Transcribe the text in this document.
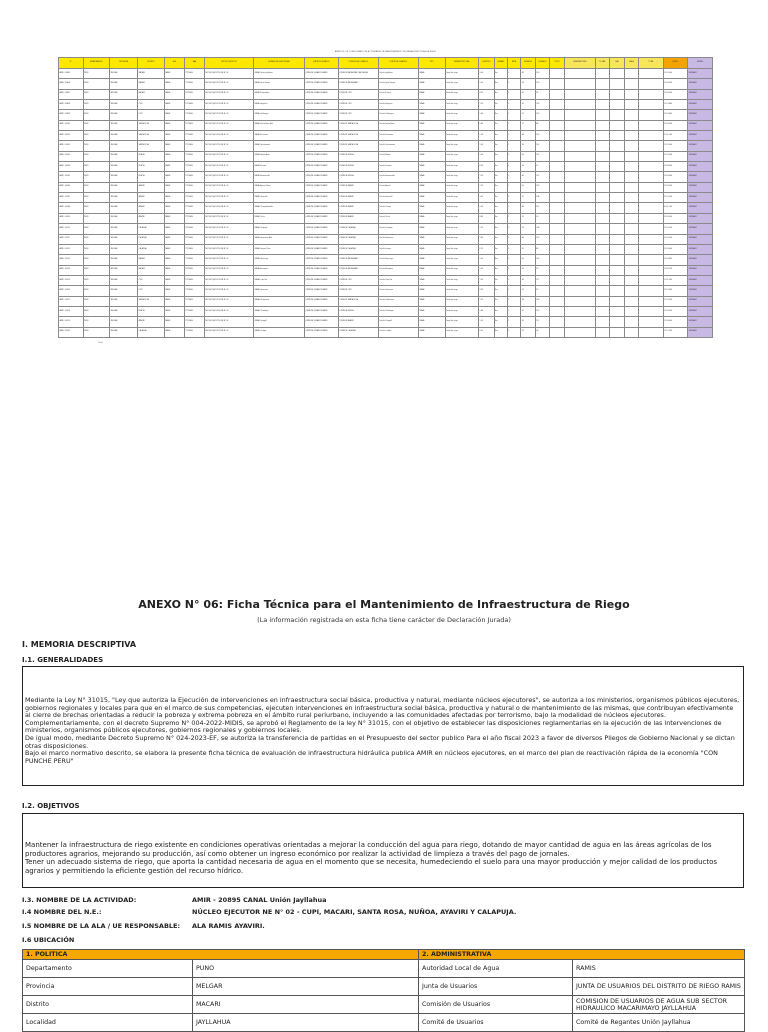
ANEXO N° 06 CONSOLIDADO DE ACTIVIDADES DE MANTENIMIENTO DE INFRAESTRUCTURA DE RIEGO
N°	DEPARTAMENTO	PROVINCIA	DISTRITO	ALA	AAA	NÚCLEO EJECUTOR	NOMBRE DE LA ACTIVIDAD	JUNTA DE USUARIOS	COMISIÓN DE USUARIOS	COMITÉ DE USUARIOS	TIPO	INFRAESTRUCTURA	LONGITUD	UNIDAD	META	USUARIOS	JORNALES	COSTO	OBSERVACIONES	N° FAM.	HAS	ÁREA	TOTAL	MONTO	ESTADO
AMIR - 20895	PUNO	MELGAR	MACARI	RAMIS	TITICACA	NÚCLEO EJECUTOR NE N° 02	CANAL Unión Jayllahua	JUNTA DE USUARIOS RAMIS	COMISION MACARIMAYO JAYLLAHUA	Comité Jayllahua	CANAL	Canal de riego	1.40	Km	1	45	120							S/ 32,000	REVISADO
AMIR - 20896	PUNO	MELGAR	MACARI	RAMIS	TITICACA	NÚCLEO EJECUTOR NE N° 02	CANAL Jatun Sayna	JUNTA DE USUARIOS RAMIS	COMISION MACARIMAYO	Comité Jatun Sayna	CANAL	Canal de riego	1.20	Km	1	38	110							S/ 30,000	REVISADO
AMIR - 20897	PUNO	MELGAR	MACARI	RAMIS	TITICACA	NÚCLEO EJECUTOR NE N° 02	CANAL Pucara Alto	JUNTA DE USUARIOS RAMIS	COMISION CUPI	Comité Pucara	CANAL	Canal de riego	0.90	Km	1	30	95							S/ 28,500	REVISADO
AMIR - 20898	PUNO	MELGAR	CUPI	RAMIS	TITICACA	NÚCLEO EJECUTOR NE N° 02	CANAL Huaycho	JUNTA DE USUARIOS RAMIS	COMISION CUPI	Comité Huaycho	CANAL	Canal de riego	1.10	Km	1	41	100							S/ 29,800	REVISADO
AMIR - 20899	PUNO	MELGAR	CUPI	RAMIS	TITICACA	NÚCLEO EJECUTOR NE N° 02	CANAL Llallimayo	JUNTA DE USUARIOS RAMIS	COMISION CUPI	Comité Llallimayo	CANAL	Canal de riego	1.60	Km	1	52	130							S/ 33,400	REVISADO
AMIR - 20900	PUNO	MELGAR	SANTA ROSA	RAMIS	TITICACA	NÚCLEO EJECUTOR NE N° 02	CANAL Santa Rosa Alto	JUNTA DE USUARIOS RAMIS	COMISION SANTA ROSA	Comité Santa Rosa	CANAL	Canal de riego	0.80	Km	1	27	88							S/ 26,000	REVISADO
AMIR - 20901	PUNO	MELGAR	SANTA ROSA	RAMIS	TITICACA	NÚCLEO EJECUTOR NE N° 02	CANAL Kunurana	JUNTA DE USUARIOS RAMIS	COMISION SANTA ROSA	Comité Kunurana	CANAL	Canal de riego	1.30	Km	1	44	118							S/ 31,200	REVISADO
AMIR - 20902	PUNO	MELGAR	SANTA ROSA	RAMIS	TITICACA	NÚCLEO EJECUTOR NE N° 02	CANAL Quishuarani	JUNTA DE USUARIOS RAMIS	COMISION SANTA ROSA	Comité Quishuarani	CANAL	Canal de riego	1.00	Km	1	36	102							S/ 29,000	REVISADO
AMIR - 20903	PUNO	MELGAR	NUÑOA	RAMIS	TITICACA	NÚCLEO EJECUTOR NE N° 02	CANAL Nuñoa Bajo	JUNTA DE USUARIOS RAMIS	COMISION NUÑOA	Comité Nuñoa	CANAL	Canal de riego	1.50	Km	1	49	125							S/ 32,900	REVISADO
AMIR - 20904	PUNO	MELGAR	NUÑOA	RAMIS	TITICACA	NÚCLEO EJECUTOR NE N° 02	CANAL Sincata	JUNTA DE USUARIOS RAMIS	COMISION NUÑOA	Comité Sincata	CANAL	Canal de riego	0.95	Km	1	33	97							S/ 28,000	REVISADO
AMIR - 20905	PUNO	MELGAR	NUÑOA	RAMIS	TITICACA	NÚCLEO EJECUTOR NE N° 02	CANAL Pasanacollo	JUNTA DE USUARIOS RAMIS	COMISION NUÑOA	Comité Pasanacollo	CANAL	Canal de riego	1.25	Km	1	40	112							S/ 30,600	REVISADO
AMIR - 20906	PUNO	MELGAR	AYAVIRI	RAMIS	TITICACA	NÚCLEO EJECUTOR NE N° 02	CANAL Ayaviri Norte	JUNTA DE USUARIOS RAMIS	COMISION AYAVIRI	Comité Ayaviri	CANAL	Canal de riego	1.70	Km	1	55	135							S/ 34,100	REVISADO
AMIR - 20907	PUNO	MELGAR	AYAVIRI	RAMIS	TITICACA	NÚCLEO EJECUTOR NE N° 02	CANAL Umachiri	JUNTA DE USUARIOS RAMIS	COMISION AYAVIRI	Comité Umachiri	CANAL	Canal de riego	1.05	Km	1	37	104							S/ 29,300	REVISADO
AMIR - 20908	PUNO	MELGAR	AYAVIRI	RAMIS	TITICACA	NÚCLEO EJECUTOR NE N° 02	CANAL Chuquibambilla	JUNTA DE USUARIOS RAMIS	COMISION AYAVIRI	Comité Chuqui	CANAL	Canal de riego	1.35	Km	1	46	121							S/ 31,700	REVISADO
AMIR - 20909	PUNO	MELGAR	AYAVIRI	RAMIS	TITICACA	NÚCLEO EJECUTOR NE N° 02	CANAL Tintiri	JUNTA DE USUARIOS RAMIS	COMISION AYAVIRI	Comité Tintiri	CANAL	Canal de riego	0.85	Km	1	29	90							S/ 26,900	REVISADO
AMIR - 20910	PUNO	MELGAR	CALAPUJA	RAMIS	TITICACA	NÚCLEO EJECUTOR NE N° 02	CANAL Calapuja	JUNTA DE USUARIOS RAMIS	COMISION CALAPUJA	Comité Calapuja	CANAL	Canal de riego	1.15	Km	1	39	108							S/ 30,100	REVISADO
AMIR - 20911	PUNO	MELGAR	CALAPUJA	RAMIS	TITICACA	NÚCLEO EJECUTOR NE N° 02	CANAL Huancane Alto	JUNTA DE USUARIOS RAMIS	COMISION CALAPUJA	Comité Huancane	CANAL	Canal de riego	1.45	Km	1	48	123							S/ 32,300	REVISADO
AMIR - 20912	PUNO	MELGAR	CALAPUJA	RAMIS	TITICACA	NÚCLEO EJECUTOR NE N° 02	CANAL Lampa Chico	JUNTA DE USUARIOS RAMIS	COMISION CALAPUJA	Comité Lampa	CANAL	Canal de riego	0.75	Km	1	25	84							S/ 25,400	REVISADO
AMIR - 20913	PUNO	MELGAR	MACARI	RAMIS	TITICACA	NÚCLEO EJECUTOR NE N° 02	CANAL Hanccoyo	JUNTA DE USUARIOS RAMIS	COMISION MACARIMAYO	Comité Hanccoyo	CANAL	Canal de riego	1.20	Km	1	42	114							S/ 30,800	REVISADO
AMIR - 20914	PUNO	MELGAR	MACARI	RAMIS	TITICACA	NÚCLEO EJECUTOR NE N° 02	CANAL Accopata	JUNTA DE USUARIOS RAMIS	COMISION MACARIMAYO	Comité Accopata	CANAL	Canal de riego	1.00	Km	1	34	99							S/ 28,700	REVISADO
AMIR - 20915	PUNO	MELGAR	CUPI	RAMIS	TITICACA	NÚCLEO EJECUTOR NE N° 02	CANAL Cupi Sur	JUNTA DE USUARIOS RAMIS	COMISION CUPI	Comité Cupi Sur	CANAL	Canal de riego	1.30	Km	1	43	117							S/ 31,000	REVISADO
AMIR - 20916	PUNO	MELGAR	CUPI	RAMIS	TITICACA	NÚCLEO EJECUTOR NE N° 02	CANAL Queruma	JUNTA DE USUARIOS RAMIS	COMISION CUPI	Comité Queruma	CANAL	Canal de riego	0.90	Km	1	31	93							S/ 27,600	REVISADO
AMIR - 20917	PUNO	MELGAR	SANTA ROSA	RAMIS	TITICACA	NÚCLEO EJECUTOR NE N° 02	CANAL Vilcamarca	JUNTA DE USUARIOS RAMIS	COMISION SANTA ROSA	Comité Vilcamarca	CANAL	Canal de riego	1.10	Km	1	38	106							S/ 29,900	REVISADO
AMIR - 20918	PUNO	MELGAR	NUÑOA	RAMIS	TITICACA	NÚCLEO EJECUTOR NE N° 02	CANAL Chimboya	JUNTA DE USUARIOS RAMIS	COMISION NUÑOA	Comité Chimboya	CANAL	Canal de riego	1.40	Km	1	47	120							S/ 32,000	REVISADO
AMIR - 20919	PUNO	MELGAR	AYAVIRI	RAMIS	TITICACA	NÚCLEO EJECUTOR NE N° 02	CANAL Cangalli	JUNTA DE USUARIOS RAMIS	COMISION AYAVIRI	Comité Cangalli	CANAL	Canal de riego	1.25	Km	1	41	111							S/ 30,400	REVISADO
AMIR - 20920	PUNO	MELGAR	CALAPUJA	RAMIS	TITICACA	NÚCLEO EJECUTOR NE N° 02	CANAL Ccollpa	JUNTA DE USUARIOS RAMIS	COMISION CALAPUJA	Comité Ccollpa	CANAL	Canal de riego	0.95	Km	1	32	96							S/ 27,900	REVISADO
Total
ANEXO N° 06: Ficha Técnica para el Mantenimiento de Infraestructura de Riego
(La información registrada en esta ficha tiene carácter de Declaración Jurada)
I. MEMORIA DESCRIPTIVA
I.1. GENERALIDADES

Mediante la Ley N° 31015, "Ley que autoriza la Ejecución de intervenciones en infraestructura social básica, productiva y natural, mediante núcleos ejecutores", se autoriza a los ministerios, organismos públicos ejecutores, gobiernos regionales y locales para que en el marco de sus competencias, ejecuten intervenciones en infraestructura social básica, productiva y natural o de mantenimiento de las mismas, que contribuyan efectivamente al cierre de brechas orientadas a reducir la pobreza y extrema pobreza en el ámbito rural periurbano, incluyendo a las comunidades afectadas por terrorismo, bajo la modalidad de núcleos ejecutores.

Complementariamente, con el decreto Supremo N° 004-2022-MIDIS, se aprobó el Reglamento de la ley N° 31015, con el objetivo de establecer las disposiciones reglamentarias en la ejecución de las intervenciones de ministerios, organismos públicos ejecutores, gobiernos regionales y gobiernos locales.

De igual modo, mediante Decreto Supremo N° 024-2023-EF, se autoriza la transferencia de partidas en el Presupuesto del sector publico Para el año fiscal 2023 a favor de diversos Pliegos de Gobierno Nacional y se dictan otras disposiciones.

Bajo el marco normativo descrito, se elabora la presente ficha técnica de evaluación de infraestructura hidráulica publica AMIR en núcleos ejecutores, en el marco del plan de reactivación rápida de la economía "CON PUNCHE PERU"

I.2. OBJETIVOS

Mantener la infraestructura de riego existente en condiciones operativas orientadas a mejorar la conducción del agua para riego, dotando de mayor cantidad de agua en las áreas agrícolas de los productores agrarios, mejorando su producción, así como obtener un ingreso económico por realizar la actividad de limpieza a través del pago de jornales.

Tener un adecuado sistema de riego, que aporta la cantidad necesaria de agua en el momento que se necesita, humedeciendo el suelo para una mayor producción y mejor calidad de los productos agrarios y permitiendo la eficiente gestión del recurso hídrico.

I.3. NOMBRE DE LA ACTIVIDAD:	AMIR - 20895 CANAL Unión Jayllahua
I.4 NOMBRE DEL N.E.:	NÚCLEO EJECUTOR NE N° 02 - CUPI, MACARI, SANTA ROSA, NUÑOA, AYAVIRI Y CALAPUJA.
I.5 NOMBRE DE LA ALA / UE RESPONSABLE: ALA RAMIS AYAVIRI.
I.6 UBICACIÓN
1. POLITICA		2. ADMINISTRATIVA	
Departamento	PUNO	Autoridad Local de Agua	RAMIS
Provincia	MELGAR	Junta de Usuarios	JUNTA DE USUARIOS DEL DISTRITO DE RIEGO RAMIS
Distrito	MACARI	Comisión de Usuarios	COMISION DE USUARIOS DE AGUA SUB SECTOR HIDRAULICO MACARIMAYO JAYLLAHUA
Localidad	JAYLLAHUA	Comité de Usuarios	Comité de Regantes Unión Jayllahua
